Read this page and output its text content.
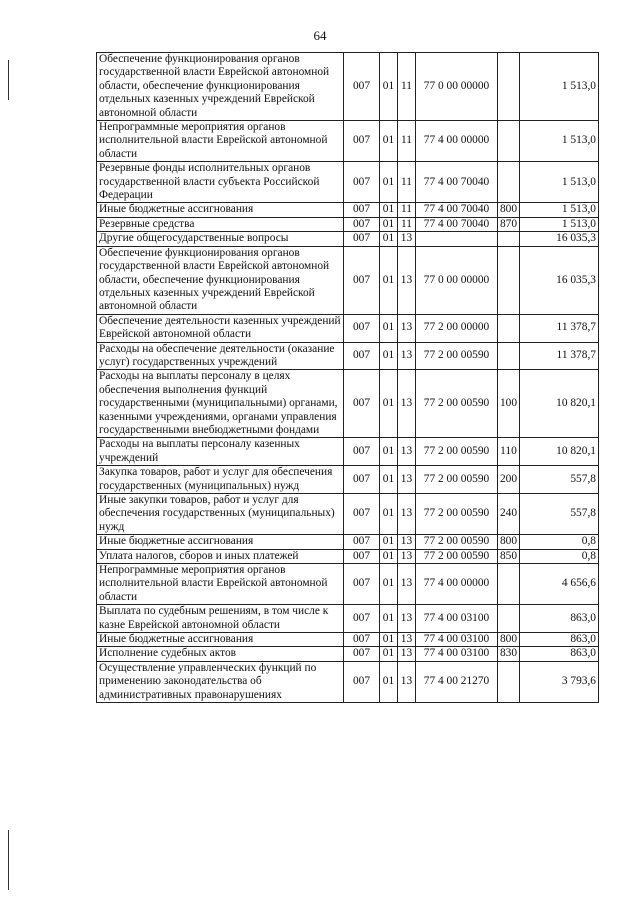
64
Обеспечение функционирования органов государственной власти Еврейской автономной области, обеспечение функционирования отдельных казенных учреждений Еврейской автономной области	007	01	11	77 0 00 00000		1 513,0
Непрограммные мероприятия органов исполнительной власти Еврейской автономной области	007	01	11	77 4 00 00000		1 513,0
Резервные фонды исполнительных органов государственной власти субъекта Российской Федерации	007	01	11	77 4 00 70040		1 513,0
Иные бюджетные ассигнования	007	01	11	77 4 00 70040	800	1 513,0
Резервные средства	007	01	11	77 4 00 70040	870	1 513,0
Другие общегосударственные вопросы	007	01	13			16 035,3
Обеспечение функционирования органов государственной власти Еврейской автономной области, обеспечение функционирования отдельных казенных учреждений Еврейской автономной области	007	01	13	77 0 00 00000		16 035,3
Обеспечение деятельности казенных учреждений Еврейской автономной области	007	01	13	77 2 00 00000		11 378,7
Расходы на обеспечение деятельности (оказание услуг) государственных учреждений	007	01	13	77 2 00 00590		11 378,7
Расходы на выплаты персоналу в целях обеспечения выполнения функций государственными (муниципальными) органами, казенными учреждениями, органами управления государственными внебюджетными фондами	007	01	13	77 2 00 00590	100	10 820,1
Расходы на выплаты персоналу казенных учреждений	007	01	13	77 2 00 00590	110	10 820,1
Закупка товаров, работ и услуг для обеспечения государственных (муниципальных) нужд	007	01	13	77 2 00 00590	200	557,8
Иные закупки товаров, работ и услуг для обеспечения государственных (муниципальных) нужд	007	01	13	77 2 00 00590	240	557,8
Иные бюджетные ассигнования	007	01	13	77 2 00 00590	800	0,8
Уплата налогов, сборов и иных платежей	007	01	13	77 2 00 00590	850	0,8
Непрограммные мероприятия органов исполнительной власти Еврейской автономной области	007	01	13	77 4 00 00000		4 656,6
Выплата по судебным решениям, в том числе к казне Еврейской автономной области	007	01	13	77 4 00 03100		863,0
Иные бюджетные ассигнования	007	01	13	77 4 00 03100	800	863,0
Исполнение судебных актов	007	01	13	77 4 00 03100	830	863,0
Осуществление управленческих функций по применению законодательства об административных правонарушениях	007	01	13	77 4 00 21270		3 793,6
